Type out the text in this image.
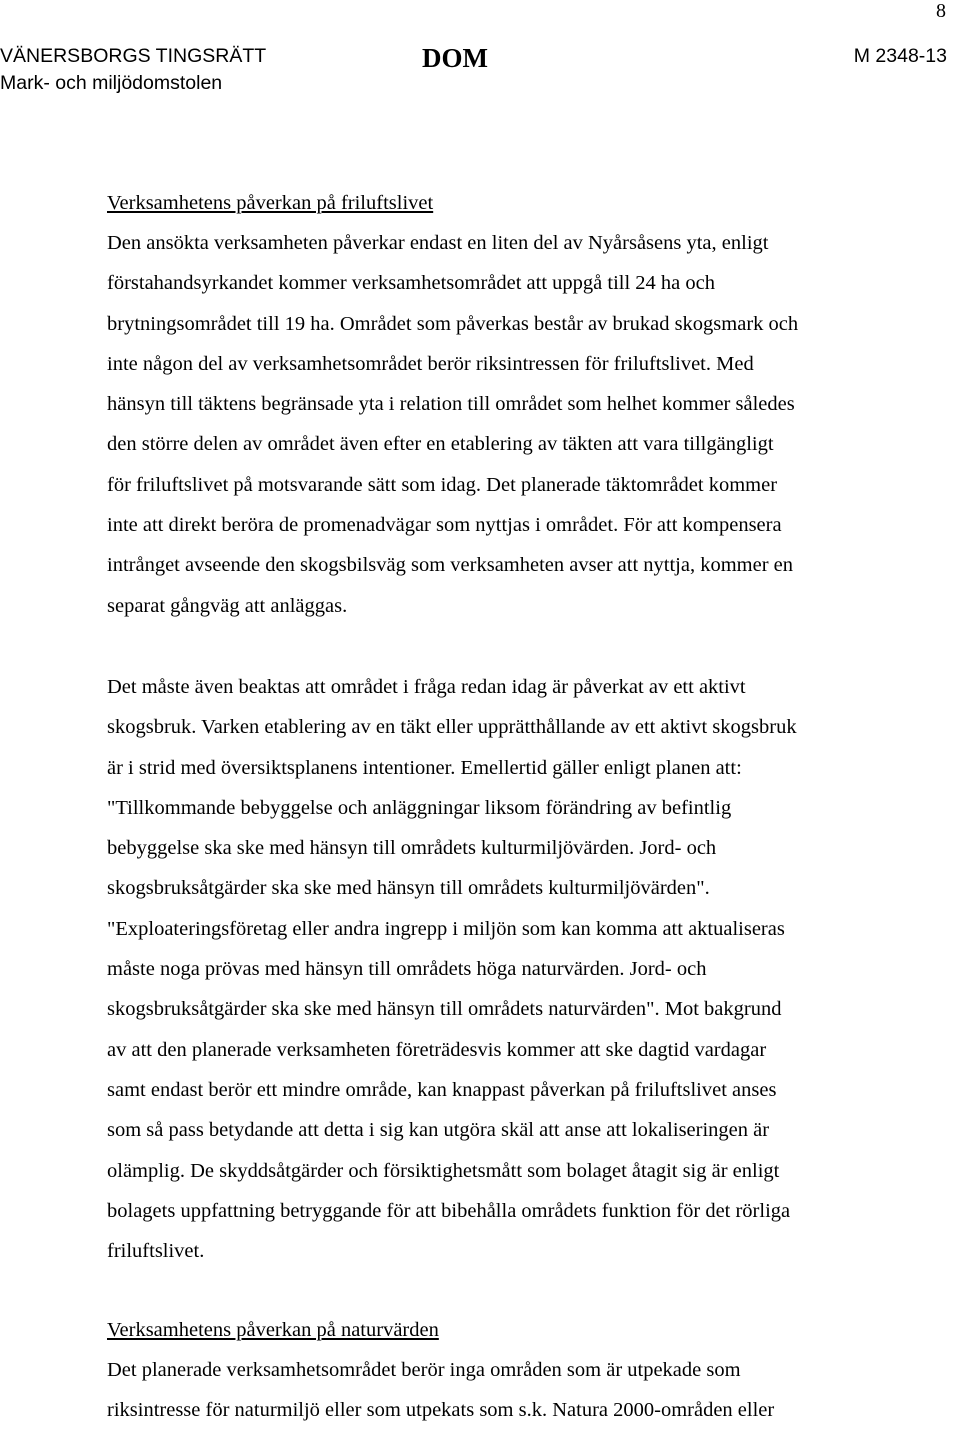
8
VÄNERSBORGS TINGSRÄTT
Mark- och miljödomstolen
DOM	M 2348-13
Verksamhetens påverkan på friluftslivet
Den ansökta verksamheten påverkar endast en liten del av Nyårsåsens yta, enligt
förstahandsyrkandet kommer verksamhetsområdet att uppgå till 24 ha och
brytningsområdet till 19 ha. Området som påverkas består av brukad skogsmark och
inte någon del av verksamhetsområdet berör riksintressen för friluftslivet. Med
hänsyn till täktens begränsade yta i relation till området som helhet kommer således
den större delen av området även efter en etablering av täkten att vara tillgängligt
för friluftslivet på motsvarande sätt som idag. Det planerade täktområdet kommer
inte att direkt beröra de promenadvägar som nyttjas i området. För att kompensera
intrånget avseende den skogsbilsväg som verksamheten avser att nyttja, kommer en
separat gångväg att anläggas.
Det måste även beaktas att området i fråga redan idag är påverkat av ett aktivt
skogsbruk. Varken etablering av en täkt eller upprätthållande av ett aktivt skogsbruk
är i strid med översiktsplanens intentioner. Emellertid gäller enligt planen att:
"Tillkommande bebyggelse och anläggningar liksom förändring av befintlig
bebyggelse ska ske med hänsyn till områdets kulturmiljövärden. Jord- och
skogsbruksåtgärder ska ske med hänsyn till områdets kulturmiljövärden".
"Exploateringsföretag eller andra ingrepp i miljön som kan komma att aktualiseras
måste noga prövas med hänsyn till områdets höga naturvärden. Jord- och
skogsbruksåtgärder ska ske med hänsyn till områdets naturvärden". Mot bakgrund
av att den planerade verksamheten företrädesvis kommer att ske dagtid vardagar
samt endast berör ett mindre område, kan knappast påverkan på friluftslivet anses
som så pass betydande att detta i sig kan utgöra skäl att anse att lokaliseringen är
olämplig. De skyddsåtgärder och försiktighetsmått som bolaget åtagit sig är enligt
bolagets uppfattning betryggande för att bibehålla områdets funktion för det rörliga
friluftslivet.
Verksamhetens påverkan på naturvärden
Det planerade verksamhetsområdet berör inga områden som är utpekade som
riksintresse för naturmiljö eller som utpekats som s.k. Natura 2000-områden eller
